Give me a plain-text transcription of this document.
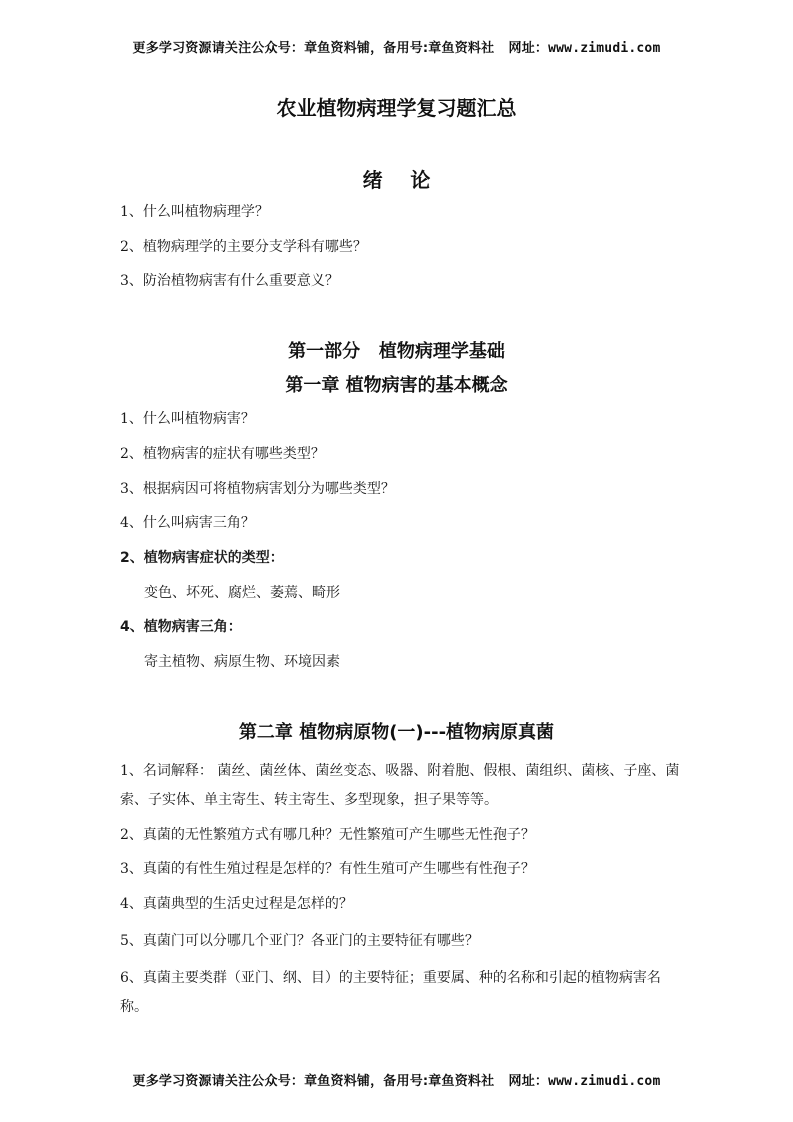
更多学习资源请关注公众号：章鱼资料铺，备用号:章鱼资料社 网址：www.zimudi.com
农业植物病理学复习题汇总
绪    论
1、什么叫植物病理学？
2、植物病理学的主要分支学科有哪些？
3、防治植物病害有什么重要意义？
第一部分   植物病理学基础
第一章 植物病害的基本概念
1、什么叫植物病害？
2、植物病害的症状有哪些类型？
3、根据病因可将植物病害划分为哪些类型？
4、什么叫病害三角？
2、植物病害症状的类型：
变色、坏死、腐烂、萎蔫、畸形
4、植物病害三角：
寄主植物、病原生物、环境因素
第二章 植物病原物(一)---植物病原真菌
1、名词解释： 菌丝、菌丝体、菌丝变态、吸器、附着胞、假根、菌组织、菌核、子座、菌索、子实体、单主寄生、转主寄生、多型现象，担子果等等。
2、真菌的无性繁殖方式有哪几种？无性繁殖可产生哪些无性孢子？
3、真菌的有性生殖过程是怎样的？有性生殖可产生哪些有性孢子？
4、真菌典型的生活史过程是怎样的？
5、真菌门可以分哪几个亚门？各亚门的主要特征有哪些？
6、真菌主要类群（亚门、纲、目）的主要特征；重要属、种的名称和引起的植物病害名称。
更多学习资源请关注公众号：章鱼资料铺，备用号:章鱼资料社 网址：www.zimudi.com
